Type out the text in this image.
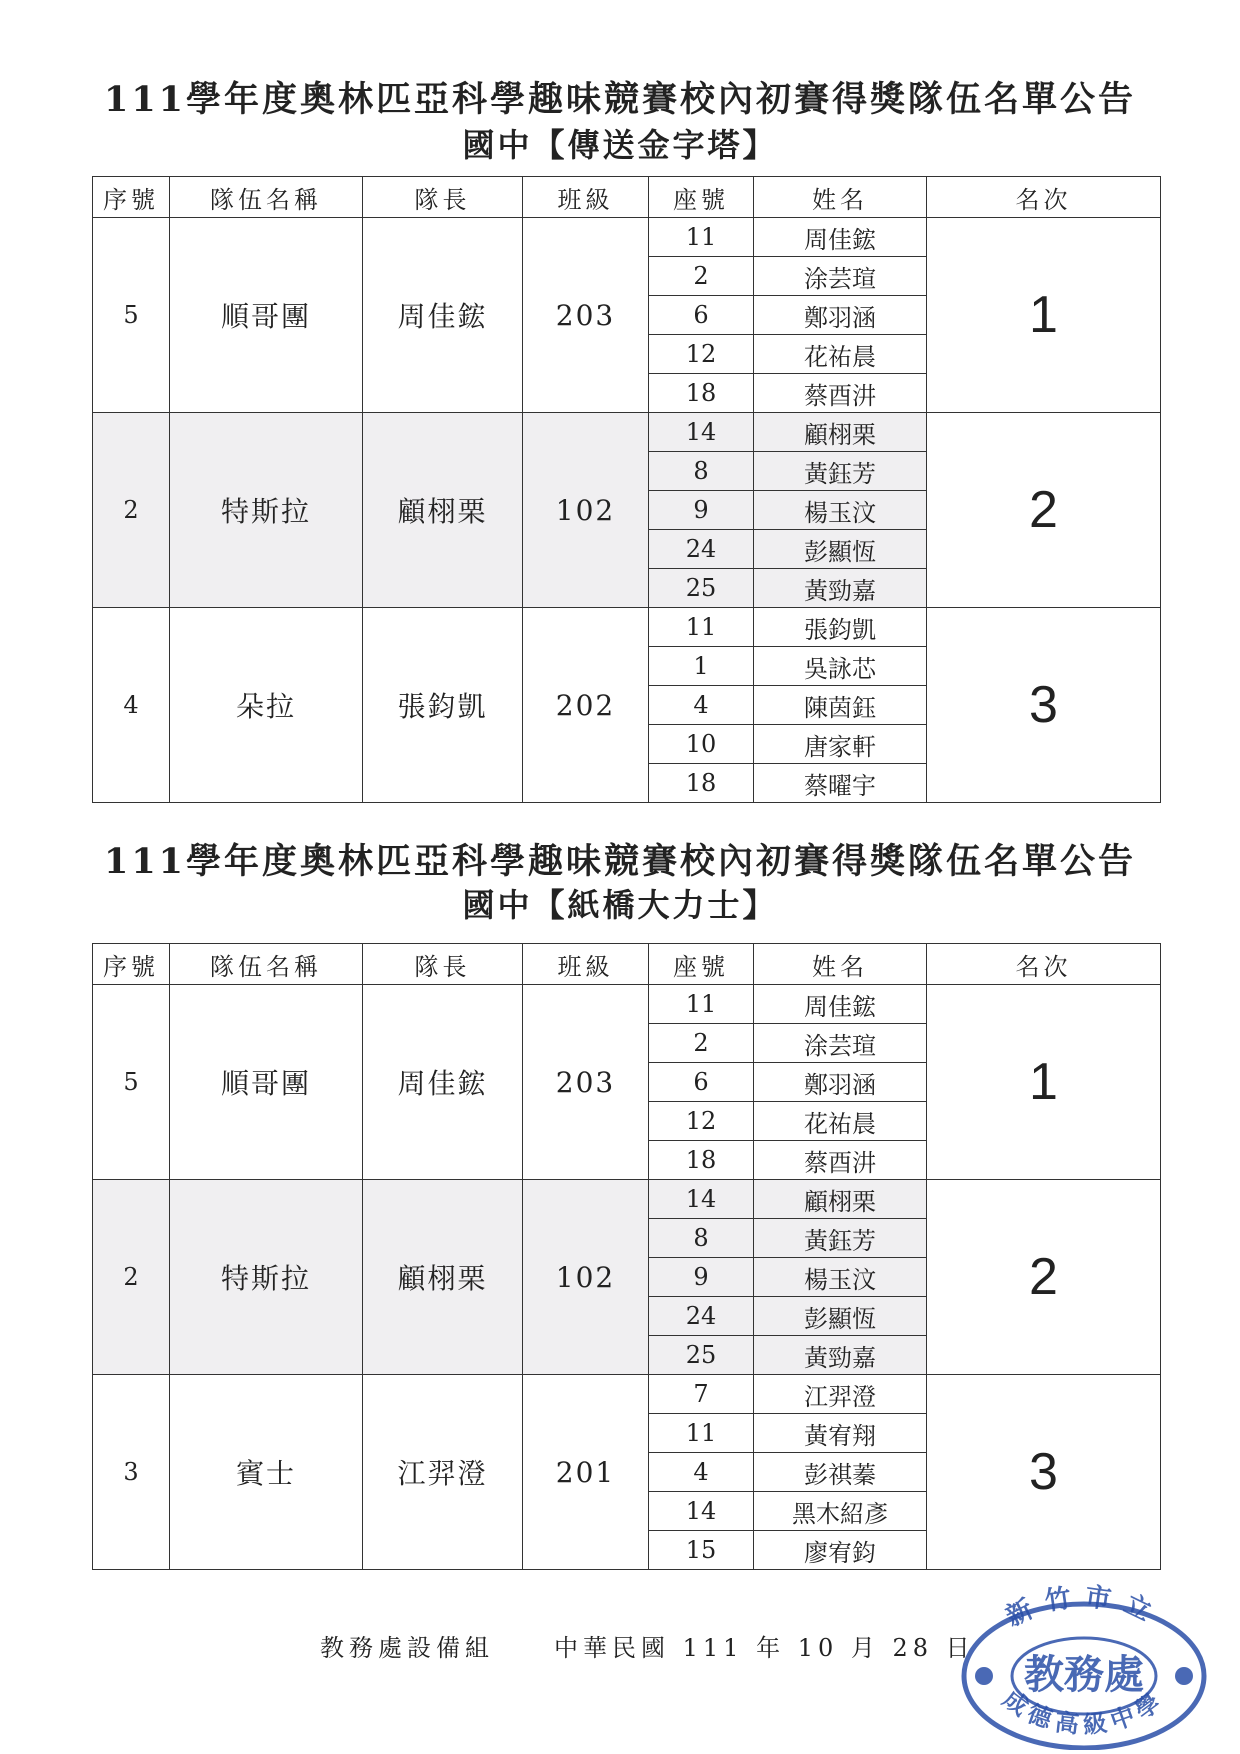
111學年度奧林匹亞科學趣味競賽校內初賽得獎隊伍名單公告
國中【傳送金字塔】
序號	隊伍名稱	隊長	班級	座號	姓名	名次
5	順哥團	周佳鋐	203	11	周佳鋐	1
				2	涂芸瑄	
				6	鄭羽涵	
				12	花祐晨	
				18	蔡酉汫	
2	特斯拉	顧栩栗	102	14	顧栩栗	2
				8	黃鈺芳	
				9	楊玉汶	
				24	彭顯恆	
				25	黃勁嘉	
4	朵拉	張鈞凱	202	11	張鈞凱	3
				1	吳詠芯	
				4	陳茵鈺	
				10	唐家軒	
				18	蔡曜宇	
111學年度奧林匹亞科學趣味競賽校內初賽得獎隊伍名單公告
國中【紙橋大力士】
序號	隊伍名稱	隊長	班級	座號	姓名	名次
5	順哥團	周佳鋐	203	11	周佳鋐	1
				2	涂芸瑄	
				6	鄭羽涵	
				12	花祐晨	
				18	蔡酉汫	
2	特斯拉	顧栩栗	102	14	顧栩栗	2
				8	黃鈺芳	
				9	楊玉汶	
				24	彭顯恆	
				25	黃勁嘉	
3	賓士	江羿澄	201	7	江羿澄	3
				11	黃宥翔	
				4	彭祺蓁	
				14	黑木紹彥	
				15	廖宥鈞	
教務處設備組	中華民國 111 年 10 月 28 日
新竹市立
成德高級中學
教務處
